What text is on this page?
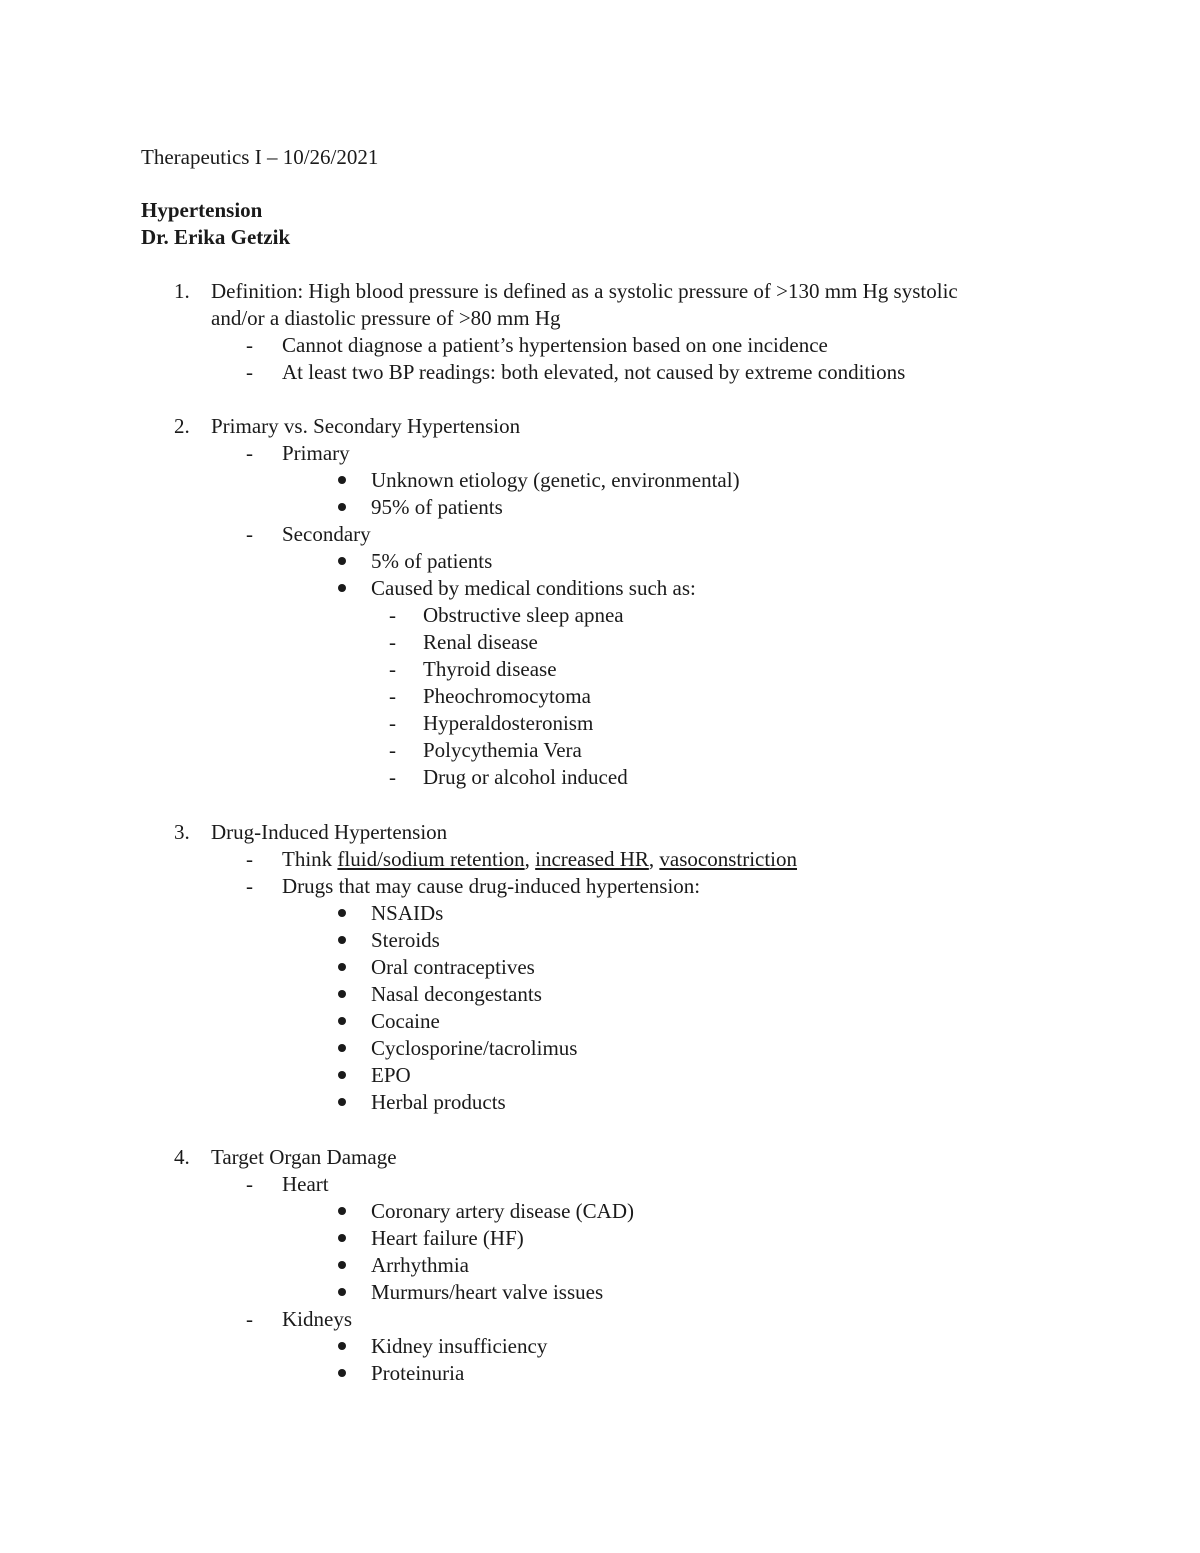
Therapeutics I – 10/26/2021
Hypertension
Dr. Erika Getzik
1. Definition: High blood pressure is defined as a systolic pressure of >130 mm Hg systolic
and/or a diastolic pressure of >80 mm Hg
- Cannot diagnose a patient’s hypertension based on one incidence
- At least two BP readings: both elevated, not caused by extreme conditions
2. Primary vs. Secondary Hypertension
- Primary
Unknown etiology (genetic, environmental)
95% of patients
- Secondary
5% of patients
Caused by medical conditions such as:
- Obstructive sleep apnea
- Renal disease
- Thyroid disease
- Pheochromocytoma
- Hyperaldosteronism
- Polycythemia Vera
- Drug or alcohol induced
3. Drug-Induced Hypertension
- Think fluid/sodium retention, increased HR, vasoconstriction
- Drugs that may cause drug-induced hypertension:
NSAIDs
Steroids
Oral contraceptives
Nasal decongestants
Cocaine
Cyclosporine/tacrolimus
EPO
Herbal products
4. Target Organ Damage
- Heart
Coronary artery disease (CAD)
Heart failure (HF)
Arrhythmia
Murmurs/heart valve issues
- Kidneys
Kidney insufficiency
Proteinuria
